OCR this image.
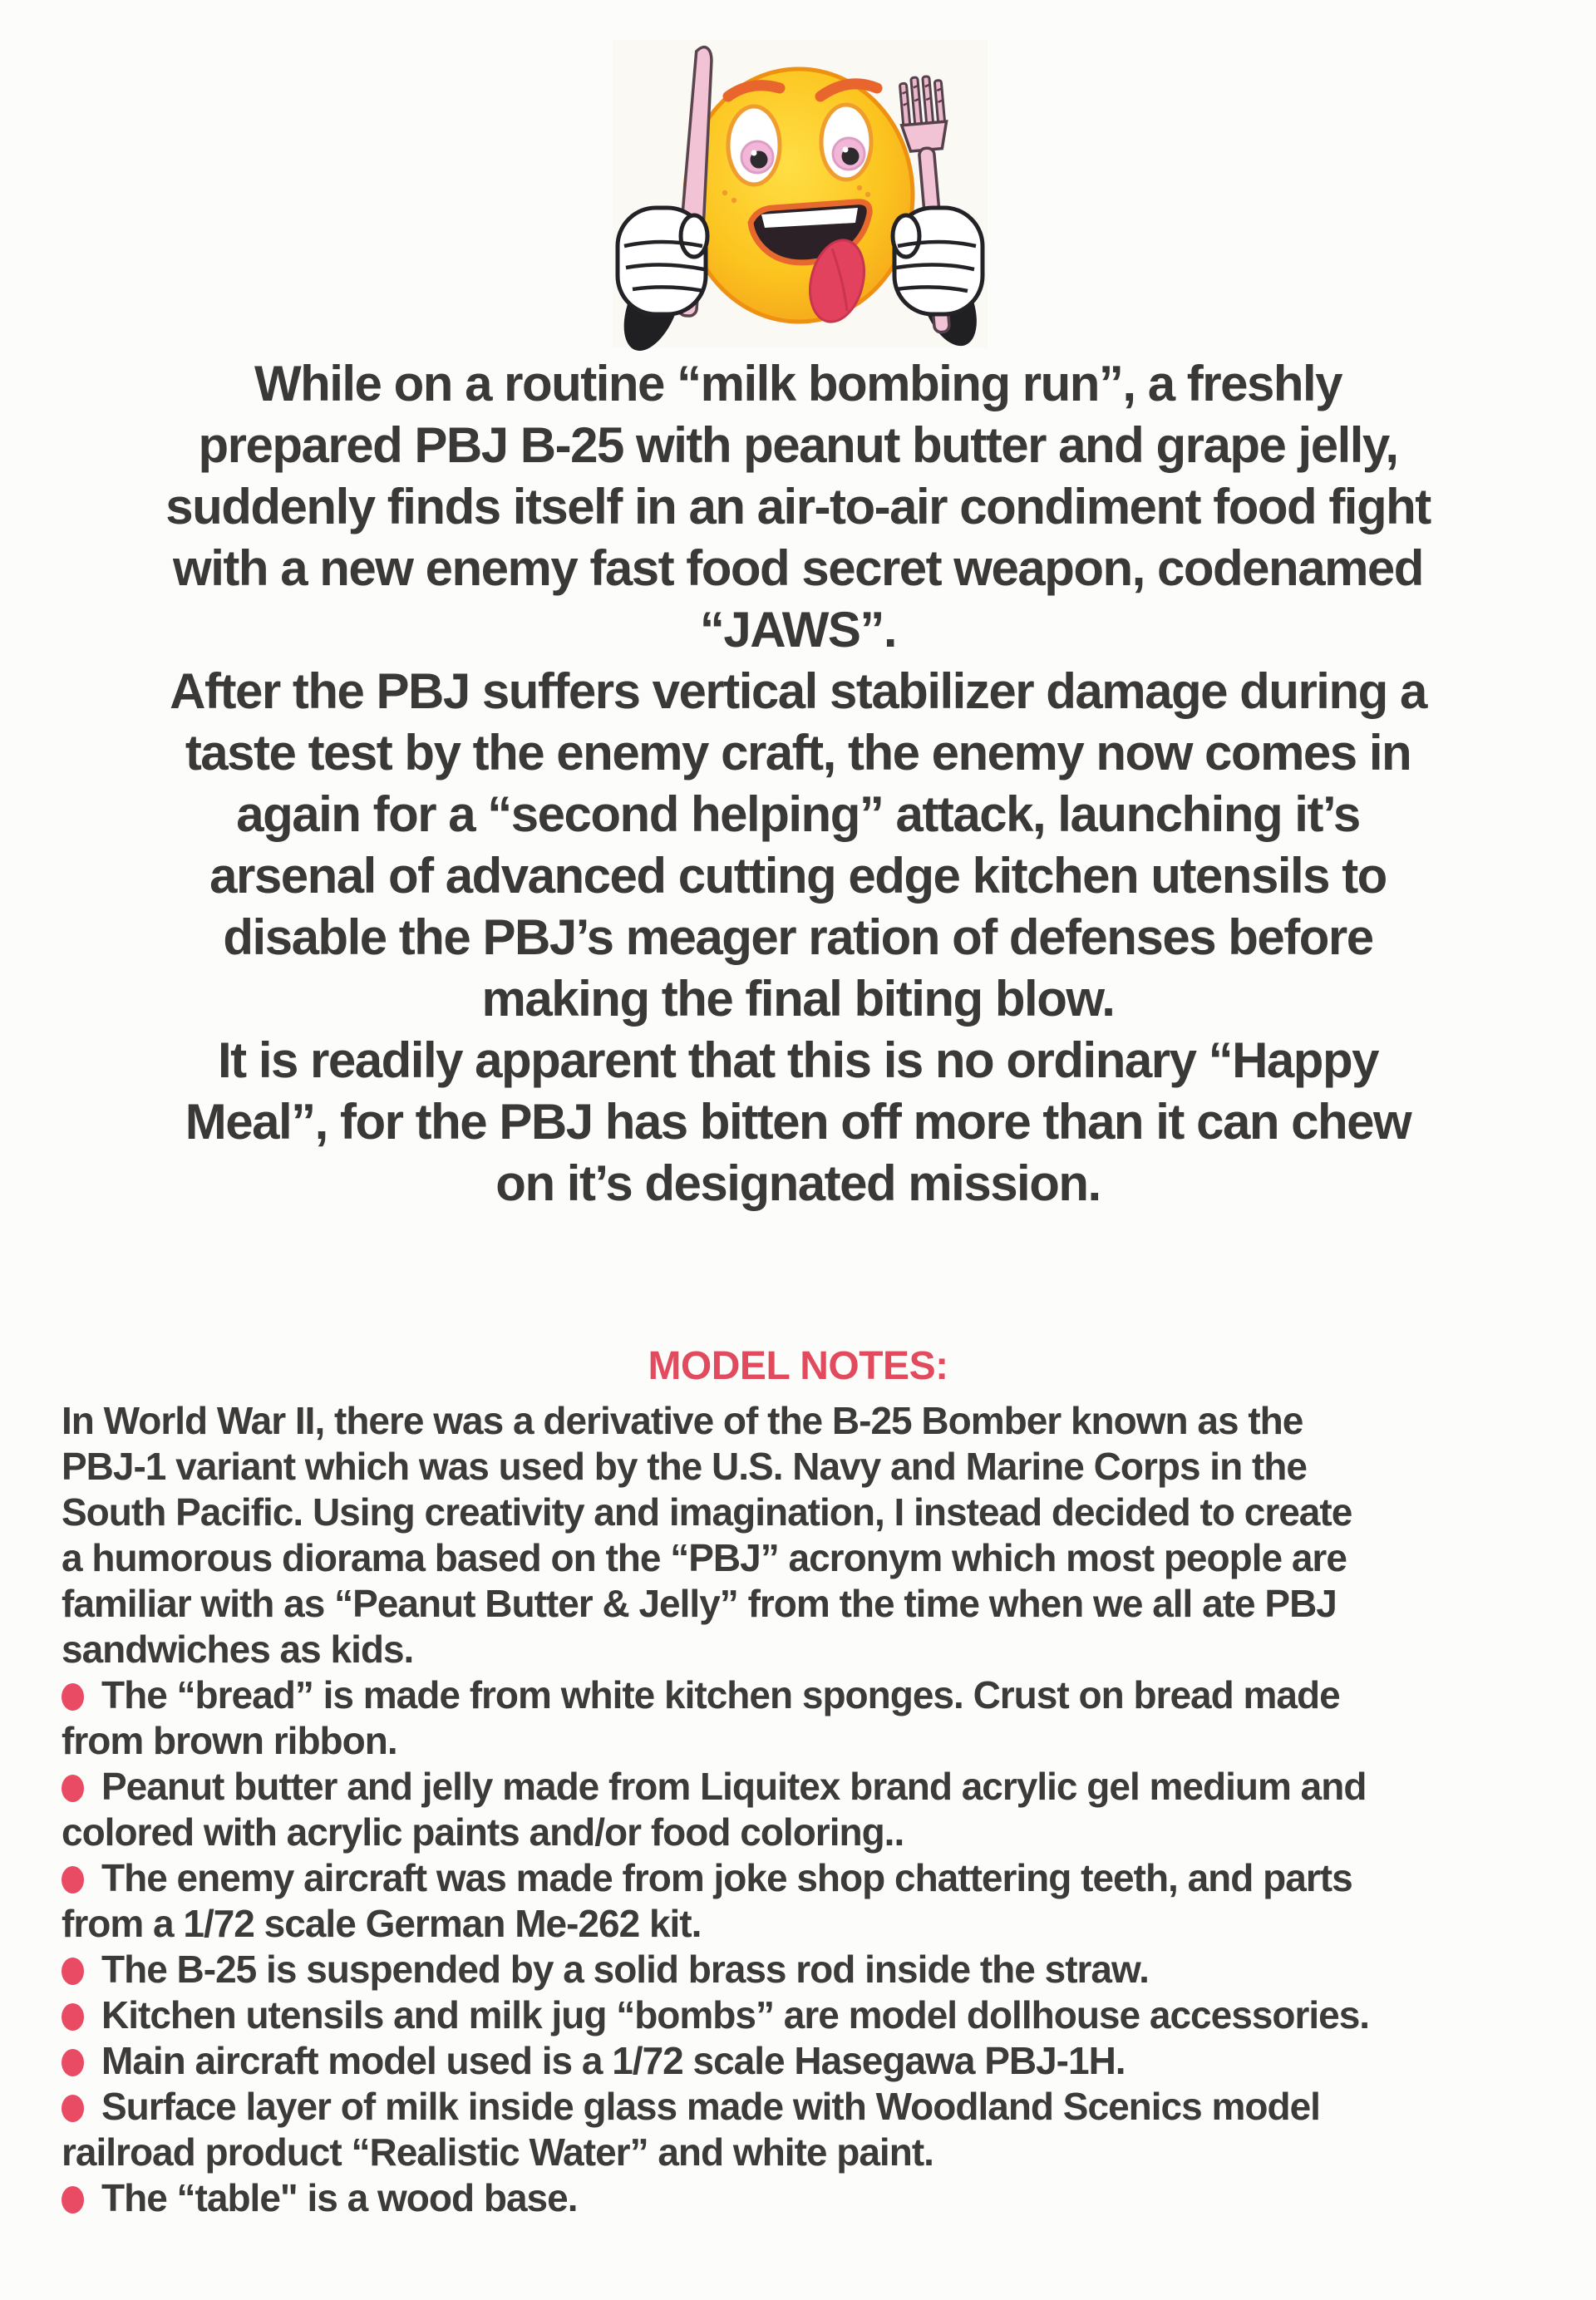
While on a routine “milk bombing run”, a freshly
prepared PBJ B-25 with peanut butter and grape jelly,
suddenly finds itself in an air-to-air condiment food fight
with a new enemy fast food secret weapon, codenamed
“JAWS”.
After the PBJ suffers vertical stabilizer damage during a
taste test by the enemy craft, the enemy now comes in
again for a “second helping” attack, launching it’s
arsenal of advanced cutting edge kitchen utensils to
disable the PBJ’s meager ration of defenses before
making the final biting blow.
It is readily apparent that this is no ordinary “Happy
Meal”, for the PBJ has bitten off more than it can chew
on it’s designated mission.
MODEL NOTES:
In World War II, there was a derivative of the B-25 Bomber known as the
PBJ-1 variant which was used by the U.S. Navy and Marine Corps in the
South Pacific. Using creativity and imagination, I instead decided to create
a humorous diorama based on the “PBJ” acronym which most people are
familiar with as “Peanut Butter & Jelly” from the time when we all ate PBJ
sandwiches as kids.
The “bread” is made from white kitchen sponges. Crust on bread made
from brown ribbon.
Peanut butter and jelly made from Liquitex brand acrylic gel medium and
colored with acrylic paints and/or food coloring..
The enemy aircraft was made from joke shop chattering teeth, and parts
from a 1/72 scale German Me-262 kit.
The B-25 is suspended by a solid brass rod inside the straw.
Kitchen utensils and milk jug “bombs” are model dollhouse accessories.
Main aircraft model used is a 1/72 scale Hasegawa PBJ-1H.
Surface layer of milk inside glass made with Woodland Scenics model
railroad product “Realistic Water” and white paint.
The “table" is a wood base.
